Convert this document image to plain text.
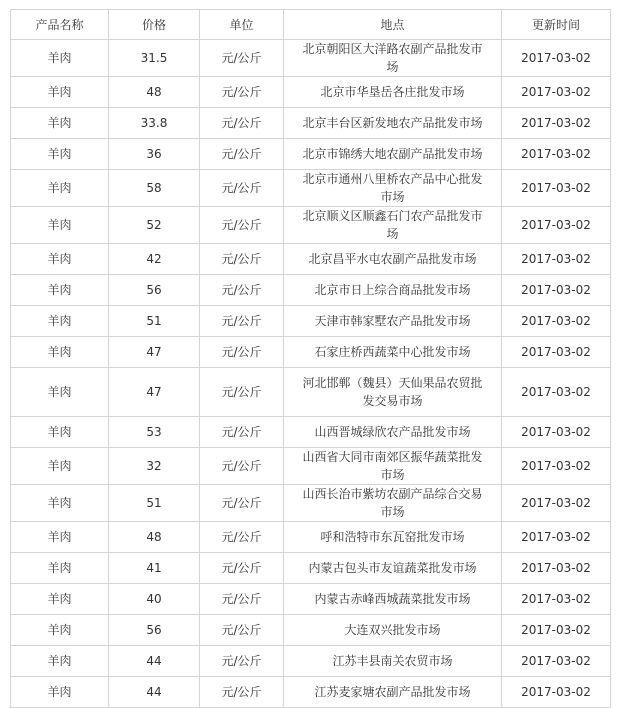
产品名称	价格	单位	地点	更新时间
羊肉	31.5	元/公斤	北京朝阳区大洋路农副产品批发市场	2017-03-02
羊肉	48	元/公斤	北京市华垦岳各庄批发市场	2017-03-02
羊肉	33.8	元/公斤	北京丰台区新发地农产品批发市场	2017-03-02
羊肉	36	元/公斤	北京市锦绣大地农副产品批发市场	2017-03-02
羊肉	58	元/公斤	北京市通州八里桥农产品中心批发市场	2017-03-02
羊肉	52	元/公斤	北京顺义区顺鑫石门农产品批发市场	2017-03-02
羊肉	42	元/公斤	北京昌平水屯农副产品批发市场	2017-03-02
羊肉	56	元/公斤	北京市日上综合商品批发市场	2017-03-02
羊肉	51	元/公斤	天津市韩家墅农产品批发市场	2017-03-02
羊肉	47	元/公斤	石家庄桥西蔬菜中心批发市场	2017-03-02
羊肉	47	元/公斤	河北邯郸（魏县）天仙果品农贸批发交易市场	2017-03-02
羊肉	53	元/公斤	山西晋城绿欣农产品批发市场	2017-03-02
羊肉	32	元/公斤	山西省大同市南郊区振华蔬菜批发市场	2017-03-02
羊肉	51	元/公斤	山西长治市紫坊农副产品综合交易市场	2017-03-02
羊肉	48	元/公斤	呼和浩特市东瓦窑批发市场	2017-03-02
羊肉	41	元/公斤	内蒙古包头市友谊蔬菜批发市场	2017-03-02
羊肉	40	元/公斤	内蒙古赤峰西城蔬菜批发市场	2017-03-02
羊肉	56	元/公斤	大连双兴批发市场	2017-03-02
羊肉	44	元/公斤	江苏丰县南关农贸市场	2017-03-02
羊肉	44	元/公斤	江苏麦家塘农副产品批发市场	2017-03-02
